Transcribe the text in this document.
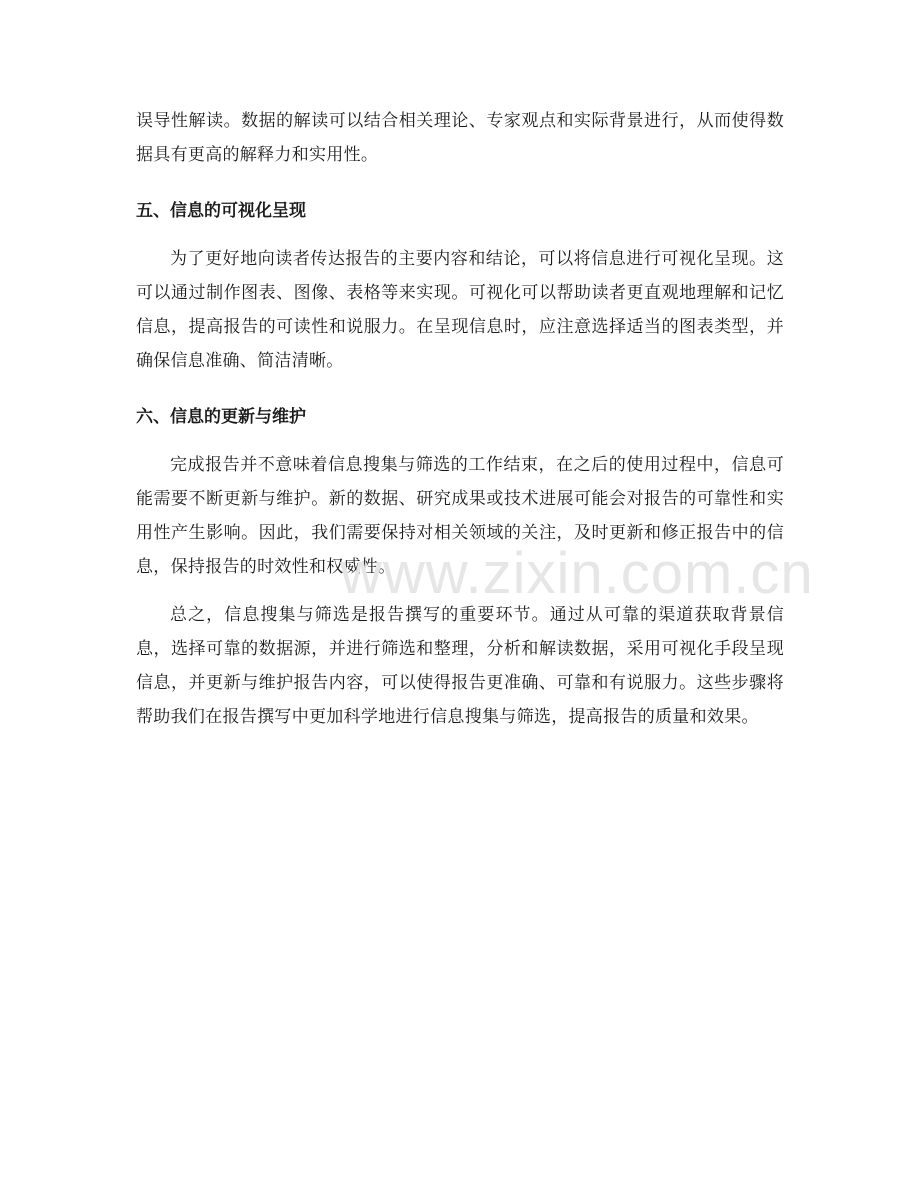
误导性解读。数据的解读可以结合相关理论、专家观点和实际背景进行，从而使得数据具有更高的解释力和实用性。

五、信息的可视化呈现

为了更好地向读者传达报告的主要内容和结论，可以将信息进行可视化呈现。这可以通过制作图表、图像、表格等来实现。可视化可以帮助读者更直观地理解和记忆信息，提高报告的可读性和说服力。在呈现信息时，应注意选择适当的图表类型，并确保信息准确、简洁清晰。

六、信息的更新与维护

完成报告并不意味着信息搜集与筛选的工作结束，在之后的使用过程中，信息可能需要不断更新与维护。新的数据、研究成果或技术进展可能会对报告的可靠性和实用性产生影响。因此，我们需要保持对相关领域的关注，及时更新和修正报告中的信息，保持报告的时效性和权威性。

总之，信息搜集与筛选是报告撰写的重要环节。通过从可靠的渠道获取背景信息，选择可靠的数据源，并进行筛选和整理，分析和解读数据，采用可视化手段呈现信息，并更新与维护报告内容，可以使得报告更准确、可靠和有说服力。这些步骤将帮助我们在报告撰写中更加科学地进行信息搜集与筛选，提高报告的质量和效果。

www.zixin.com.cn
